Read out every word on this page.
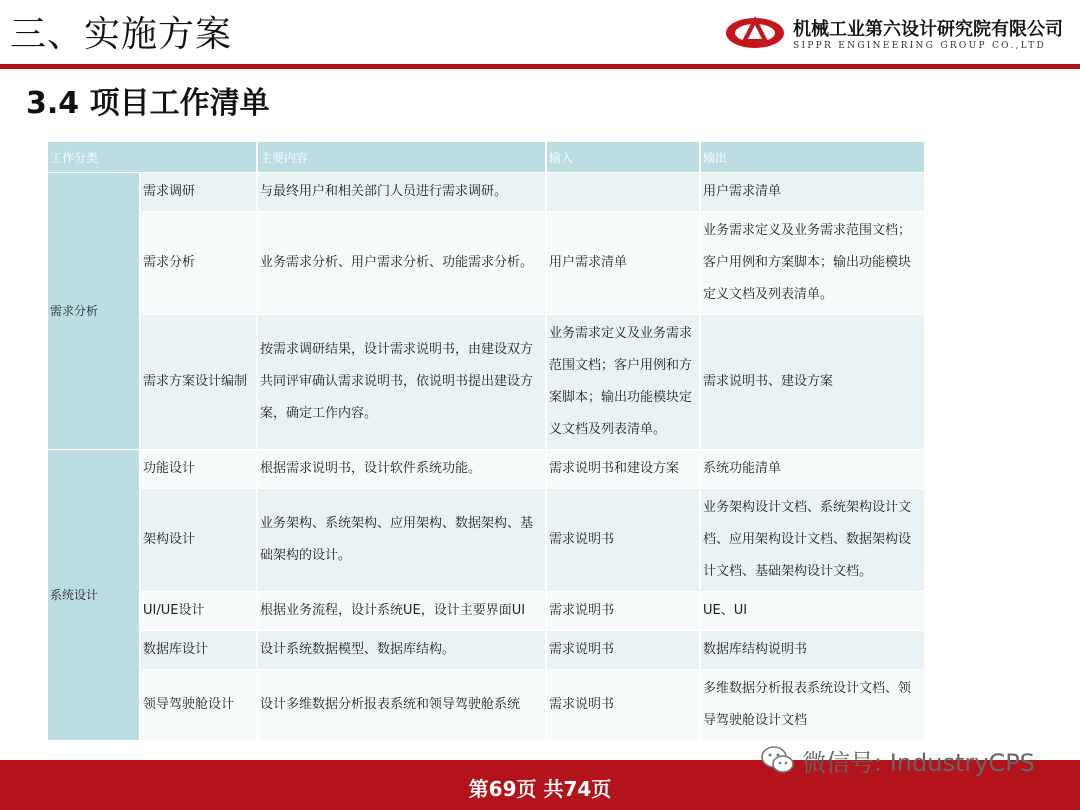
三、实施方案	机械工业第六设计研究院有限公司
SIPPR ENGINEERING GROUP CO.,LTD
3.4 项目工作清单
工作分类		主要内容	输入	输出
需求分析	需求调研	与最终用户和相关部门人员进行需求调研。		用户需求清单
	需求分析	业务需求分析、用户需求分析、功能需求分析。	用户需求清单	业务需求定义及业务需求范围文档；客户用例和方案脚本；输出功能模块定义文档及列表清单。
	需求方案设计编制	按需求调研结果，设计需求说明书，由建设双方共同评审确认需求说明书，依说明书提出建设方案，确定工作内容。	业务需求定义及业务需求范围文档；客户用例和方案脚本；输出功能模块定义文档及列表清单。	需求说明书、建设方案
系统设计	功能设计	根据需求说明书，设计软件系统功能。	需求说明书和建设方案	系统功能清单
	架构设计	业务架构、系统架构、应用架构、数据架构、基础架构的设计。	需求说明书	业务架构设计文档、系统架构设计文档、应用架构设计文档、数据架构设计文档、基础架构设计文档。
	UI/UE设计	根据业务流程，设计系统UE，设计主要界面UI	需求说明书	UE、UI
	数据库设计	设计系统数据模型、数据库结构。	需求说明书	数据库结构说明书
	领导驾驶舱设计	设计多维数据分析报表系统和领导驾驶舱系统	需求说明书	多维数据分析报表系统设计文档、领导驾驶舱设计文档
第69页 共74页
微信号: IndustryCPS
